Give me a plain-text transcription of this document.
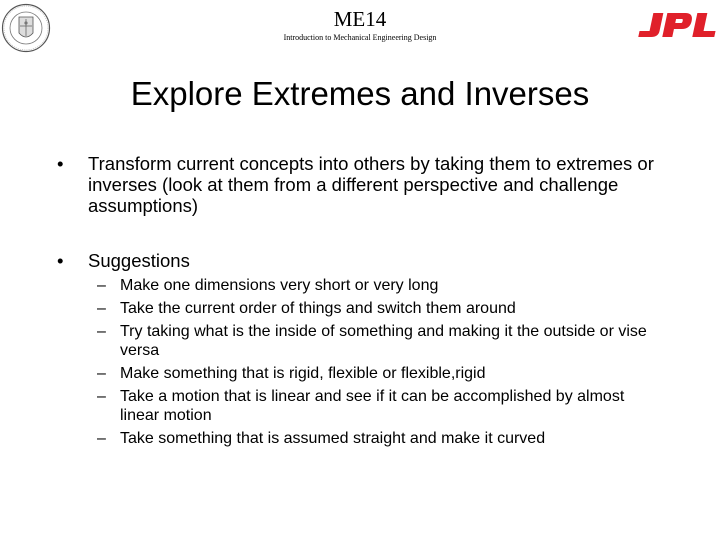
ME14
Introduction to Mechanical Engineering Design
JPL
Explore Extremes and Inverses
• Transform current concepts into others by taking them to extremes or inverses (look at them from a different perspective and challenge assumptions)
• Suggestions
– Make one dimensions very short or very long
– Take the current order of things and switch them around
– Try taking what is the inside of something and making it the outside or vise versa
– Make something that is rigid, flexible or flexible,rigid
– Take a motion that is linear and see if it can be accomplished by almost linear motion
– Take something that is assumed straight and make it curved
